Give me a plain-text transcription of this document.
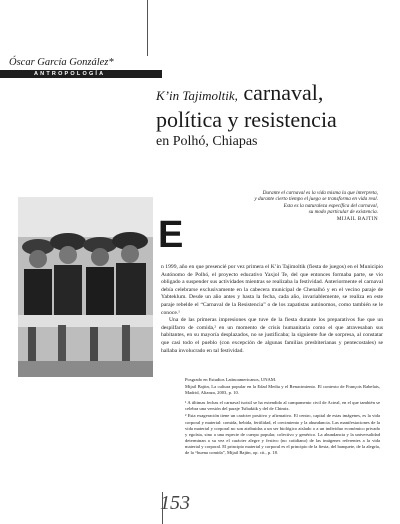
Óscar García González*
ANTROPOLOGÍA
K’in Tajimoltik, carnaval,
política y resistencia
en Polhó, Chiapas
Durante el carnaval es la vida misma la que interpreta,
y durante cierto tiempo el juego se transforma en vida real.
Esta es la naturaleza específica del carnaval,
su modo particular de existencia.
MIJAIL BAJTIN
E

n 1999, año en que presencié por vez primera el K’in Tajimoltik (fiesta de juegos) en el Municipio Autónomo de Polhó, el proyecto educativo Yaxjol Te, del que entonces formaba parte, se vio obligado a suspender sus actividades mientras se realizaba la festividad. Anteriormente el carnaval debía celebrarse exclusivamente en la cabecera municipal de Chenalhó y en el vecino paraje de Yabteklum. Desde un año antes y hasta la fecha, cada año, invariablemente, se realiza en este paraje rebelde el “Carnaval de la Resistencia” o de los zapatistas autónomos, como también se le conoce.¹

Una de las primeras impresiones que tuve de la fiesta durante los preparativos fue que un despilfarro de comida,² en un momento de crisis humanitaria como el que atravesaban sus habitantes, en su mayoría desplazados, no se justificaba; la siguiente fue de sorpresa, al constatar que casi todo el pueblo (con excepción de algunas familias presbiterianas y pentecostales) se hallaba involucrado en tal festividad.

Posgrado en Estudios Latinoamericanos, UNAM.

Mijail Bajtin, La cultura popular en la Edad Media y el Renacimiento. El contexto de François Rabelais, Madrid, Alianza, 2003, p. 10.

¹ A últimas fechas el carnaval tsotsil se ha extendido al campamento civil de Acteal, en el que también se celebra una versión del paraje Tsibaktik y del de Chimix.

² Esta exageración tiene un carácter positivo y afirmativo. El centro, capital de estas imágenes, es la vida corporal y material: comida, bebida, fertilidad, el crecimiento y la abundancia. Las manifestaciones de la vida material y corporal no son atribuidas a un ser biológico aislado o a un individuo económico privado y egoísta, sino a una especie de cuerpo popular, colectivo y genérico. La abundancia y la universalidad determinan a su vez el carácter alegre y festivo (no cotidiano) de las imágenes referentes a la vida material y corporal. El principio material y corporal es el principio de la fiesta, del banquete, de la alegría, de la “buena comida”, Mijail Bajtin, op. cit., p. 18.

153
